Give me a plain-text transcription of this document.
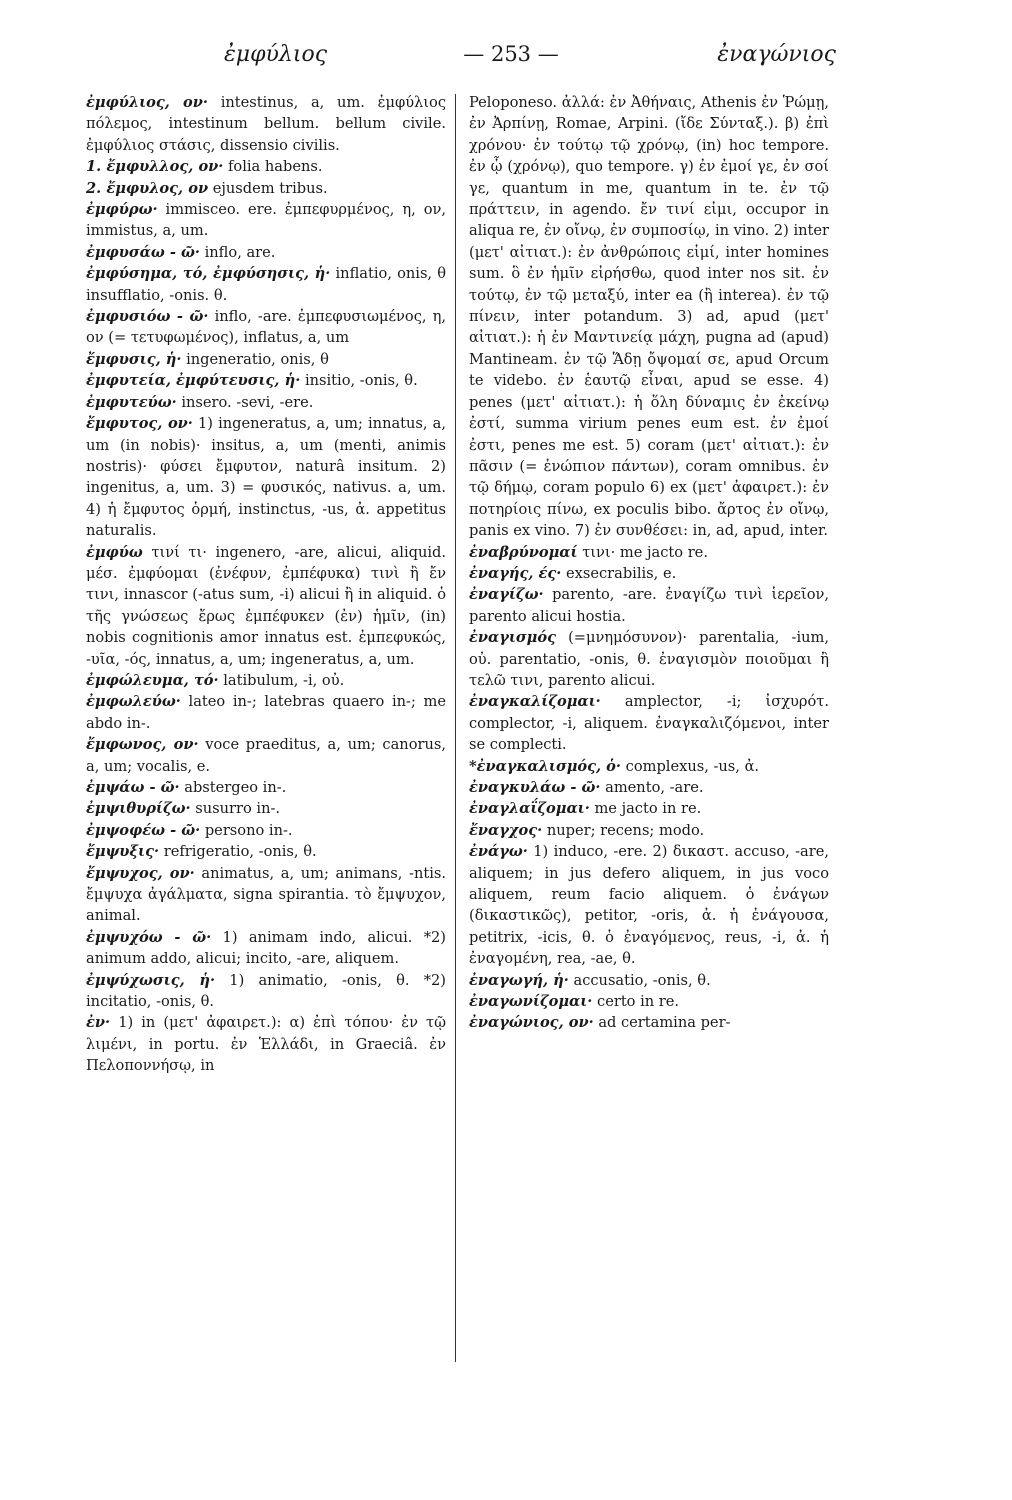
ἐμφύλιος	— 253 —	ἐναγώνιος

ἐμφύλιος, ον· intestinus, a, um. ἐμφύλιος πόλεμος, intestinum bellum. bellum civile. ἐμφύλιος στάσις, dissensio civilis.

1. ἔμφυλλος, ον· folia habens.

2. ἔμφυλος, ον ejusdem tribus.

ἐμφύρω· immisceo. ere. ἐμπεφυρμένος, η, ον, immistus, a, um.

ἐμφυσάω - ῶ· inflo, are.

ἐμφύσημα, τό, ἐμφύσησις, ἡ· inflatio, onis, θ insufflatio, -onis. θ.

ἐμφυσιόω - ῶ· inflo, -are. ἐμπεφυσιωμένος, η, ον (= τετυφωμένος), inflatus, a, um

ἔμφυσις, ἡ· ingeneratio, onis, θ

ἐμφυτεία, ἐμφύτευσις, ἡ· insitio, -onis, θ.

ἐμφυτεύω· insero. -sevi, -ere.

ἔμφυτος, ον· 1) ingeneratus, a, um; innatus, a, um (in nobis)· insitus, a, um (menti, animis nostris)· φύσει ἔμφυτον, naturâ insitum. 2) ingenitus, a, um. 3) = φυσικός, nativus. a, um. 4) ἡ ἔμφυτος ὁρμή, instinctus, -us, ἀ. appetitus naturalis.

ἐμφύω τινί τι· ingenero, -are, alicui, aliquid. μέσ. ἐμφύομαι (ἐνέφυν, ἐμπέφυκα) τινὶ ἢ ἔν τινι, innascor (-atus sum, -i) alicui ἢ in aliquid. ὁ τῆς γνώσεως ἔρως ἐμπέφυκεν (ἐν) ἡμῖν, (in) nobis cognitionis amor innatus est. ἐμπεφυκώς, -υῖα, -ός, innatus, a, um; ingeneratus, a, um.

ἐμφώλευμα, τό· latibulum, -i, οὐ.

ἐμφωλεύω· lateo in-; latebras quaero in-; me abdo in-.

ἔμφωνος, ον· voce praeditus, a, um; canorus, a, um; vocalis, e.

ἐμψάω - ῶ· abstergeo in-.

ἐμψιθυρίζω· susurro in-.

ἐμψοφέω - ῶ· persono in-.

ἔμψυξις· refrigeratio, -onis, θ.

ἔμψυχος, ον· animatus, a, um; animans, -ntis. ἔμψυχα ἀγάλματα, signa spirantia. τὸ ἔμψυχον, animal.

ἐμψυχόω - ῶ· 1) animam indo, alicui. *2) animum addo, alicui; incito, -are, aliquem.

ἐμψύχωσις, ἡ· 1) animatio, -onis, θ. *2) incitatio, -onis, θ.

ἐν· 1) in (μετ' ἀφαιρετ.): α) ἐπὶ τόπου· ἐν τῷ λιμένι, in portu. ἐν Ἑλλάδι, in Graeciâ. ἐν Πελοποννήσῳ, in

Peloponeso. ἀλλά: ἐν Ἀθήναις, Athenis ἐν Ῥώμῃ, ἐν Ἀρπίνῃ, Romae, Arpini. (ἴδε Σύνταξ.). β) ἐπὶ χρόνου· ἐν τούτῳ τῷ χρόνῳ, (in) hoc tempore. ἐν ᾧ (χρόνῳ), quo tempore. γ) ἐν ἐμοί γε, ἐν σοί γε, quantum in me, quantum in te. ἐν τῷ πράττειν, in agendo. ἔν τινί εἰμι, occupor in aliqua re, ἐν οἴνῳ, ἐν συμποσίῳ, in vino. 2) inter (μετ' αἰτιατ.): ἐν ἀνθρώποις εἰμί, inter homines sum. ὃ ἐν ἡμῖν εἰρήσθω, quod inter nos sit. ἐν τούτῳ, ἐν τῷ μεταξύ, inter ea (ἢ interea). ἐν τῷ πίνειν, inter potandum. 3) ad, apud (μετ' αἰτιατ.): ἡ ἐν Μαντινείᾳ μάχη, pugna ad (apud) Mantineam. ἐν τῷ Ἅδῃ ὄψομαί σε, apud Orcum te videbo. ἐν ἑαυτῷ εἶναι, apud se esse. 4) penes (μετ' αἰτιατ.): ἡ ὅλη δύναμις ἐν ἐκείνῳ ἐστί, summa virium penes eum est. ἐν ἐμοί ἐστι, penes me est. 5) coram (μετ' αἰτιατ.): ἐν πᾶσιν (= ἐνώπιον πάντων), coram omnibus. ἐν τῷ δήμῳ, coram populo 6) ex (μετ' ἀφαιρετ.): ἐν ποτηρίοις πίνω, ex poculis bibo. ἄρτος ἐν οἴνῳ, panis ex vino. 7) ἐν συνθέσει: in, ad, apud, inter.

ἐναβρύνομαί τινι· me jacto re.

ἐναγής, ές· exsecrabilis, e.

ἐναγίζω· parento, -are. ἐναγίζω τινὶ ἱερεῖον, parento alicui hostia.

ἐναγισμός (=μνημόσυνον)· parentalia, -ium, οὐ. parentatio, -onis, θ. ἐναγισμὸν ποιοῦμαι ἢ τελῶ τινι, parento alicui.

ἐναγκαλίζομαι· amplector, -i; ἰσχυρότ. complector, -i, aliquem. ἐναγκαλιζόμενοι, inter se complecti.

*ἐναγκαλισμός, ὁ· complexus, -us, ἀ.

ἐναγκυλάω - ῶ· amento, -are.

ἐναγλαΐζομαι· me jacto in re.

ἔναγχος· nuper; recens; modo.

ἐνάγω· 1) induco, -ere. 2) δικαστ. accuso, -are, aliquem; in jus defero aliquem, in jus voco aliquem, reum facio aliquem. ὁ ἐνάγων (δικαστικῶς), petitor, -oris, ἀ. ἡ ἐνάγουσα, petitrix, -icis, θ. ὁ ἐναγόμενος, reus, -i, ἀ. ἡ ἐναγομένη, rea, -ae, θ.

ἐναγωγή, ἡ· accusatio, -onis, θ.

ἐναγωνίζομαι· certo in re.

ἐναγώνιος, ον· ad certamina per-
